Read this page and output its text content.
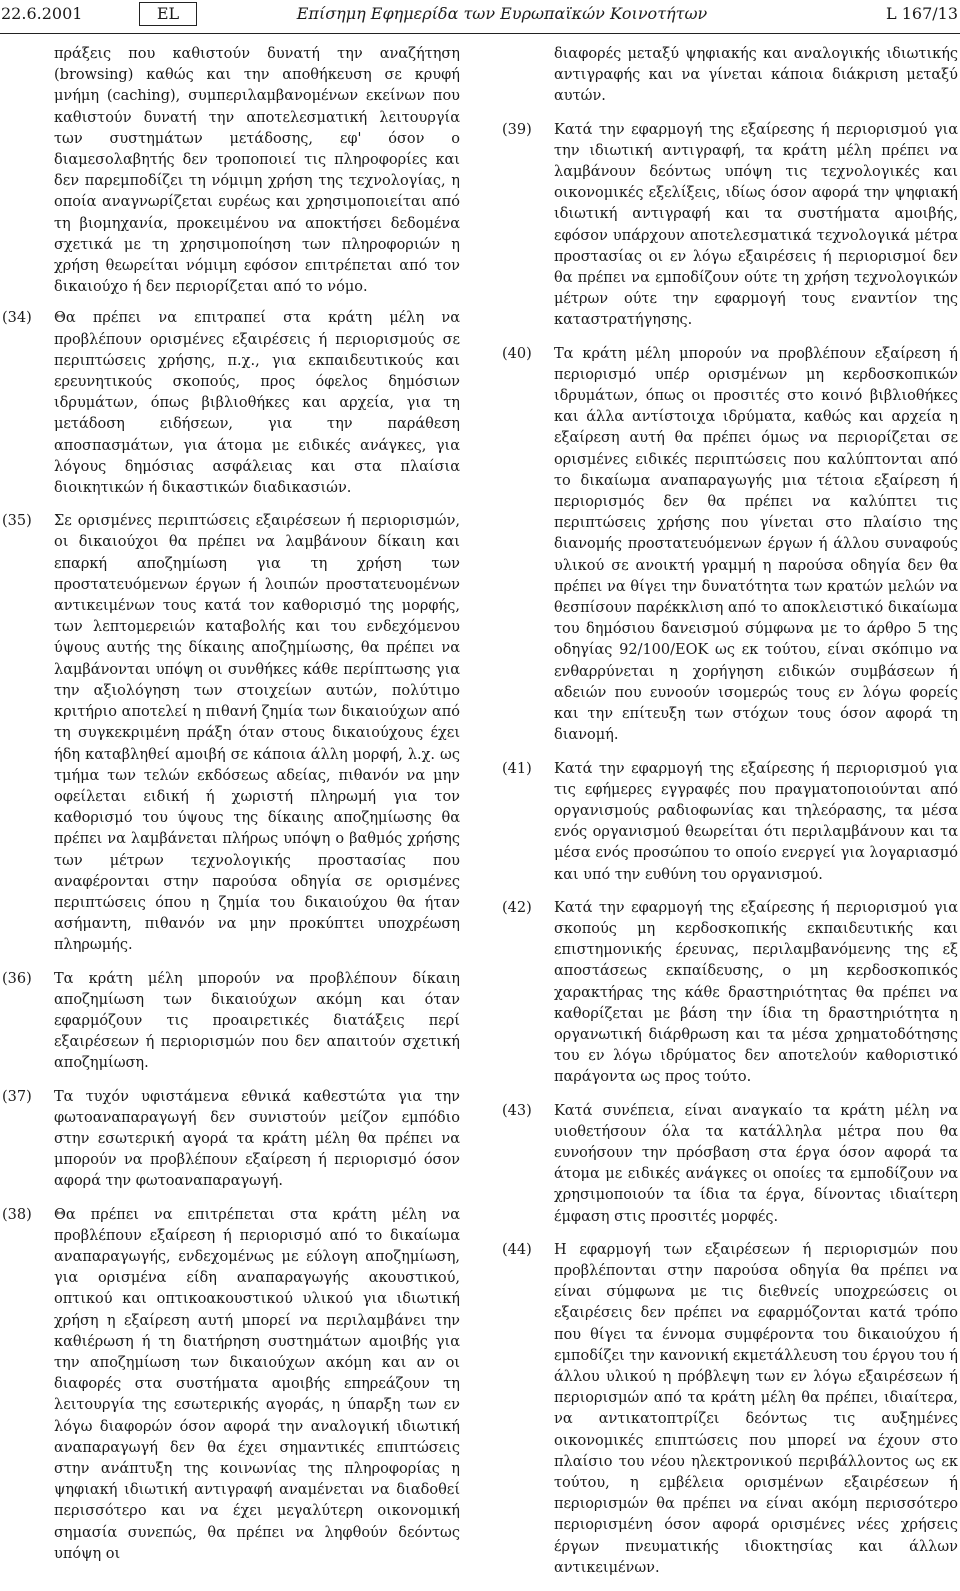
22.6.2001	EL	Επίσημη Εφημερίδα των Ευρωπαϊκών Κοινοτήτων	L 167/13

πράξεις που καθιστούν δυνατή την αναζήτηση (browsing) καθώς και την αποθήκευση σε κρυφή μνήμη (caching), συμπεριλαμβανομένων εκείνων που καθιστούν δυνατή την αποτελεσματική λειτουργία των συστημάτων μετάδοσης, εφ' όσον ο διαμεσολαβητής δεν τροποποιεί τις πληροφορίες και δεν παρεμποδίζει τη νόμιμη χρήση της τεχνολογίας, η οποία αναγνωρίζεται ευρέως και χρησιμοποιείται από τη βιομηχανία, προκειμένου να αποκτήσει δεδομένα σχετικά με τη χρησιμοποίηση των πληροφοριών η χρήση θεωρείται νόμιμη εφόσον επιτρέπεται από τον δικαιούχο ή δεν περιορίζεται από το νόμο.

(34)	Θα πρέπει να επιτραπεί στα κράτη μέλη να προβλέπουν ορισμένες εξαιρέσεις ή περιορισμούς σε περιπτώσεις χρήσης, π.χ., για εκπαιδευτικούς και ερευνητικούς σκοπούς, προς όφελος δημόσιων ιδρυμάτων, όπως βιβλιοθήκες και αρχεία, για τη μετάδοση ειδήσεων, για την παράθεση αποσπασμάτων, για άτομα με ειδικές ανάγκες, για λόγους δημόσιας ασφάλειας και στα πλαίσια διοικητικών ή δικαστικών διαδικασιών.
(35)	Σε ορισμένες περιπτώσεις εξαιρέσεων ή περιορισμών, οι δικαιούχοι θα πρέπει να λαμβάνουν δίκαιη και επαρκή αποζημίωση για τη χρήση των προστατευόμενων έργων ή λοιπών προστατευομένων αντικειμένων τους κατά τον καθορισμό της μορφής, των λεπτομερειών καταβολής και του ενδεχόμενου ύψους αυτής της δίκαιης αποζημίωσης, θα πρέπει να λαμβάνονται υπόψη οι συνθήκες κάθε περίπτωσης για την αξιολόγηση των στοιχείων αυτών, πολύτιμο κριτήριο αποτελεί η πιθανή ζημία των δικαιούχων από τη συγκεκριμένη πράξη όταν στους δικαιούχους έχει ήδη καταβληθεί αμοιβή σε κάποια άλλη μορφή, λ.χ. ως τμήμα των τελών εκδόσεως αδείας, πιθανόν να μην οφείλεται ειδική ή χωριστή πληρωμή για τον καθορισμό του ύψους της δίκαιης αποζημίωσης θα πρέπει να λαμβάνεται πλήρως υπόψη ο βαθμός χρήσης των μέτρων τεχνολογικής προστασίας που αναφέρονται στην παρούσα οδηγία σε ορισμένες περιπτώσεις όπου η ζημία του δικαιούχου θα ήταν ασήμαντη, πιθανόν να μην προκύπτει υποχρέωση πληρωμής.
(36)	Τα κράτη μέλη μπορούν να προβλέπουν δίκαιη αποζημίωση των δικαιούχων ακόμη και όταν εφαρμόζουν τις προαιρετικές διατάξεις περί εξαιρέσεων ή περιορισμών που δεν απαιτούν σχετική αποζημίωση.
(37)	Τα τυχόν υφιστάμενα εθνικά καθεστώτα για την φωτοαναπαραγωγή δεν συνιστούν μείζον εμπόδιο στην εσωτερική αγορά τα κράτη μέλη θα πρέπει να μπορούν να προβλέπουν εξαίρεση ή περιορισμό όσον αφορά την φωτοαναπαραγωγή.
(38)	Θα πρέπει να επιτρέπεται στα κράτη μέλη να προβλέπουν εξαίρεση ή περιορισμό από το δικαίωμα αναπαραγωγής, ενδεχομένως με εύλογη αποζημίωση, για ορισμένα είδη αναπαραγωγής ακουστικού, οπτικού και οπτικοακουστικού υλικού για ιδιωτική χρήση η εξαίρεση αυτή μπορεί να περιλαμβάνει την καθιέρωση ή τη διατήρηση συστημάτων αμοιβής για την αποζημίωση των δικαιούχων ακόμη και αν οι διαφορές στα συστήματα αμοιβής επηρεάζουν τη λειτουργία της εσωτερικής αγοράς, η ύπαρξη των εν λόγω διαφορών όσον αφορά την αναλογική ιδιωτική αναπαραγωγή δεν θα έχει σημαντικές επιπτώσεις στην ανάπτυξη της κοινωνίας της πληροφορίας η ψηφιακή ιδιωτική αντιγραφή αναμένεται να διαδοθεί περισσότερο και να έχει μεγαλύτερη οικονομική σημασία συνεπώς, θα πρέπει να ληφθούν δεόντως υπόψη οι

διαφορές μεταξύ ψηφιακής και αναλογικής ιδιωτικής αντιγραφής και να γίνεται κάποια διάκριση μεταξύ αυτών.

(39)	Κατά την εφαρμογή της εξαίρεσης ή περιορισμού για την ιδιωτική αντιγραφή, τα κράτη μέλη πρέπει να λαμβάνουν δεόντως υπόψη τις τεχνολογικές και οικονομικές εξελίξεις, ιδίως όσον αφορά την ψηφιακή ιδιωτική αντιγραφή και τα συστήματα αμοιβής, εφόσον υπάρχουν αποτελεσματικά τεχνολογικά μέτρα προστασίας οι εν λόγω εξαιρέσεις ή περιορισμοί δεν θα πρέπει να εμποδίζουν ούτε τη χρήση τεχνολογικών μέτρων ούτε την εφαρμογή τους εναντίον της καταστρατήγησης.
(40)	Τα κράτη μέλη μπορούν να προβλέπουν εξαίρεση ή περιορισμό υπέρ ορισμένων μη κερδοσκοπικών ιδρυμάτων, όπως οι προσιτές στο κοινό βιβλιοθήκες και άλλα αντίστοιχα ιδρύματα, καθώς και αρχεία η εξαίρεση αυτή θα πρέπει όμως να περιορίζεται σε ορισμένες ειδικές περιπτώσεις που καλύπτονται από το δικαίωμα αναπαραγωγής μια τέτοια εξαίρεση ή περιορισμός δεν θα πρέπει να καλύπτει τις περιπτώσεις χρήσης που γίνεται στο πλαίσιο της διανομής προστατευόμενων έργων ή άλλου συναφούς υλικού σε ανοικτή γραμμή η παρούσα οδηγία δεν θα πρέπει να θίγει την δυνατότητα των κρατών μελών να θεσπίσουν παρέκκλιση από το αποκλειστικό δικαίωμα του δημόσιου δανεισμού σύμφωνα με το άρθρο 5 της οδηγίας 92/100/ΕΟΚ ως εκ τούτου, είναι σκόπιμο να ενθαρρύνεται η χορήγηση ειδικών συμβάσεων ή αδειών που ευνοούν ισομερώς τους εν λόγω φορείς και την επίτευξη των στόχων τους όσον αφορά τη διανομή.
(41)	Κατά την εφαρμογή της εξαίρεσης ή περιορισμού για τις εφήμερες εγγραφές που πραγματοποιούνται από οργανισμούς ραδιοφωνίας και τηλεόρασης, τα μέσα ενός οργανισμού θεωρείται ότι περιλαμβάνουν και τα μέσα ενός προσώπου το οποίο ενεργεί για λογαριασμό και υπό την ευθύνη του οργανισμού.
(42)	Κατά την εφαρμογή της εξαίρεσης ή περιορισμού για σκοπούς μη κερδοσκοπικής εκπαιδευτικής και επιστημονικής έρευνας, περιλαμβανόμενης της εξ αποστάσεως εκπαίδευσης, ο μη κερδοσκοπικός χαρακτήρας της κάθε δραστηριότητας θα πρέπει να καθορίζεται με βάση την ίδια τη δραστηριότητα η οργανωτική διάρθρωση και τα μέσα χρηματοδότησης του εν λόγω ιδρύματος δεν αποτελούν καθοριστικό παράγοντα ως προς τούτο.
(43)	Κατά συνέπεια, είναι αναγκαίο τα κράτη μέλη να υιοθετήσουν όλα τα κατάλληλα μέτρα που θα ευνοήσουν την πρόσβαση στα έργα όσον αφορά τα άτομα με ειδικές ανάγκες οι οποίες τα εμποδίζουν να χρησιμοποιούν τα ίδια τα έργα, δίνοντας ιδιαίτερη έμφαση στις προσιτές μορφές.
(44)	Η εφαρμογή των εξαιρέσεων ή περιορισμών που προβλέπονται στην παρούσα οδηγία θα πρέπει να είναι σύμφωνα με τις διεθνείς υποχρεώσεις οι εξαιρέσεις δεν πρέπει να εφαρμόζονται κατά τρόπο που θίγει τα έννομα συμφέροντα του δικαιούχου ή εμποδίζει την κανονική εκμετάλλευση του έργου του ή άλλου υλικού η πρόβλεψη των εν λόγω εξαιρέσεων ή περιορισμών από τα κράτη μέλη θα πρέπει, ιδιαίτερα, να αντικατοπτρίζει δεόντως τις αυξημένες οικονομικές επιπτώσεις που μπορεί να έχουν στο πλαίσιο του νέου ηλεκτρονικού περιβάλλοντος ως εκ τούτου, η εμβέλεια ορισμένων εξαιρέσεων ή περιορισμών θα πρέπει να είναι ακόμη περισσότερο περιορισμένη όσον αφορά ορισμένες νέες χρήσεις έργων πνευματικής ιδιοκτησίας και άλλων αντικειμένων.
